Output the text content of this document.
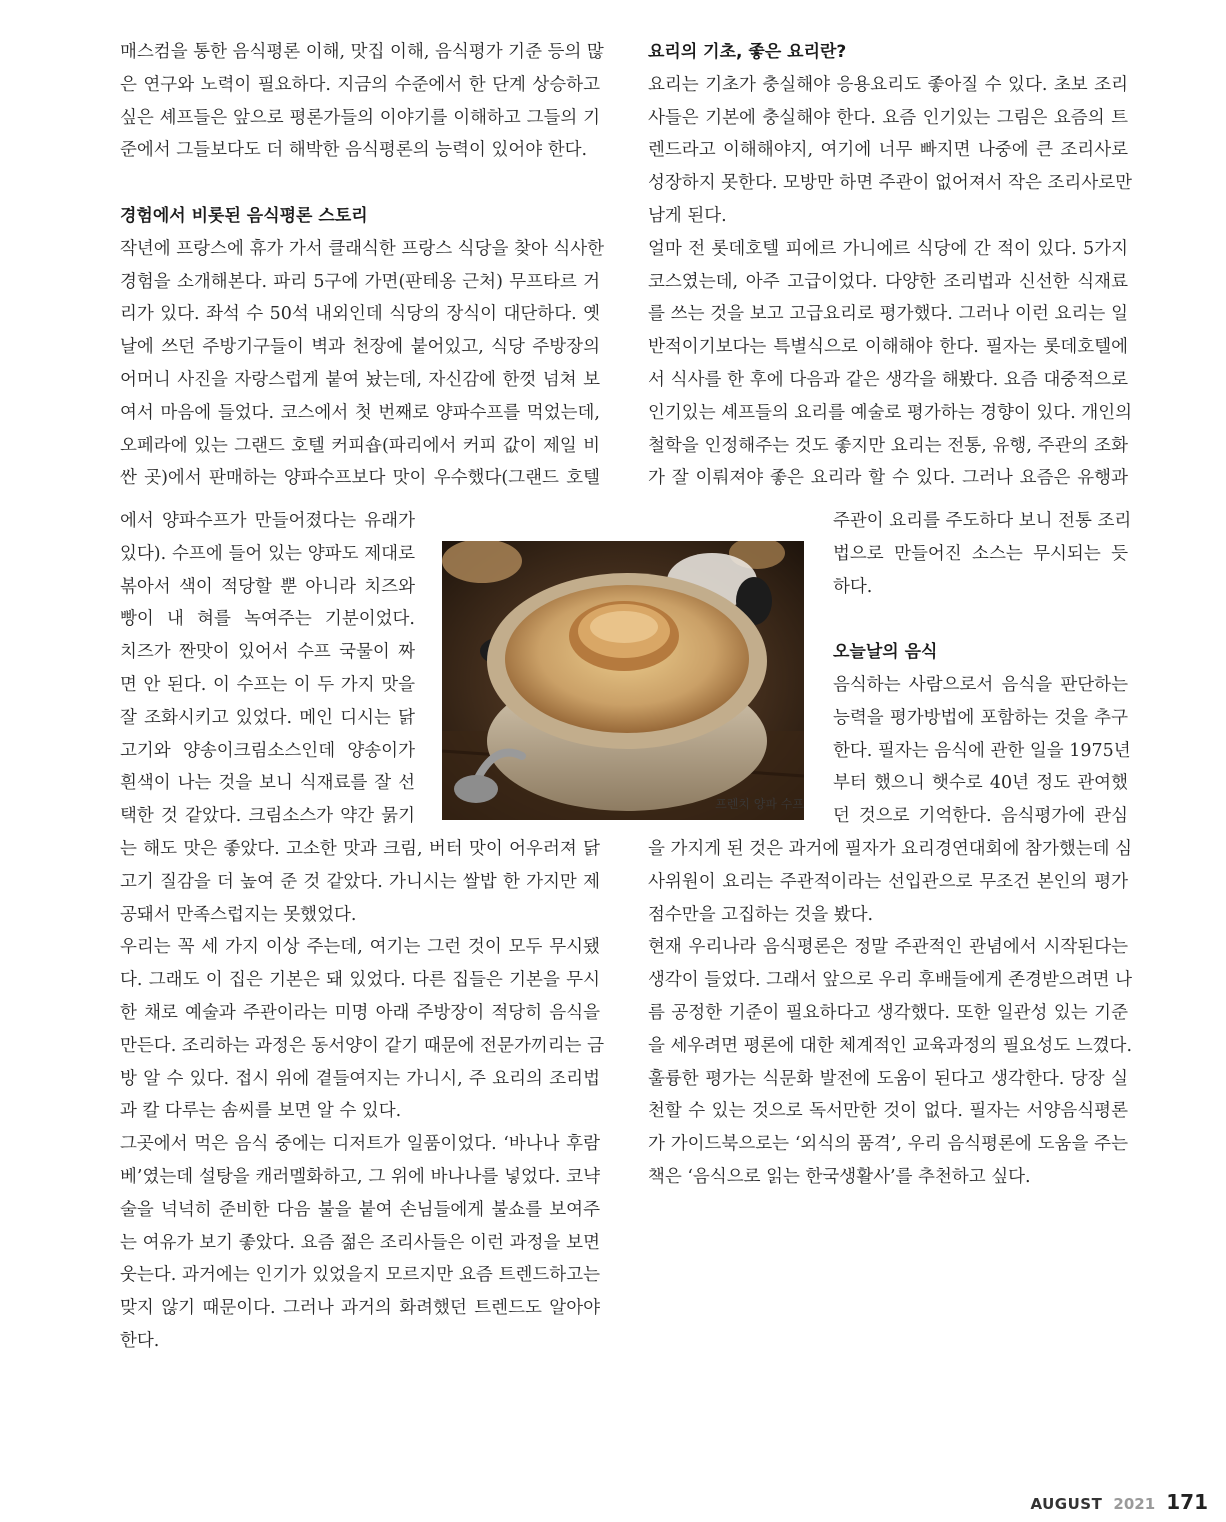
매스컴을 통한 음식평론 이해, 맛집 이해, 음식평가 기준 등의 많
은 연구와 노력이 필요하다. 지금의 수준에서 한 단계 상승하고
싶은 셰프들은 앞으로 평론가들의 이야기를 이해하고 그들의 기
준에서 그들보다도 더 해박한 음식평론의 능력이 있어야 한다.
경험에서 비롯된 음식평론 스토리
작년에 프랑스에 휴가 가서 클래식한 프랑스 식당을 찾아 식사한
경험을 소개해본다. 파리 5구에 가면(판테옹 근처) 무프타르 거
리가 있다. 좌석 수 50석 내외인데 식당의 장식이 대단하다. 옛
날에 쓰던 주방기구들이 벽과 천장에 붙어있고, 식당 주방장의
어머니 사진을 자랑스럽게 붙여 놨는데, 자신감에 한껏 넘쳐 보
여서 마음에 들었다. 코스에서 첫 번째로 양파수프를 먹었는데,
오페라에 있는 그랜드 호텔 커피숍(파리에서 커피 값이 제일 비
싼 곳)에서 판매하는 양파수프보다 맛이 우수했다(그랜드 호텔
에서 양파수프가 만들어졌다는 유래가
있다). 수프에 들어 있는 양파도 제대로
볶아서 색이 적당할 뿐 아니라 치즈와
빵이 내 혀를 녹여주는 기분이었다.
치즈가 짠맛이 있어서 수프 국물이 짜
면 안 된다. 이 수프는 이 두 가지 맛을
잘 조화시키고 있었다. 메인 디시는 닭
고기와 양송이크림소스인데 양송이가
흰색이 나는 것을 보니 식재료를 잘 선
택한 것 같았다. 크림소스가 약간 묽기
는 해도 맛은 좋았다. 고소한 맛과 크림, 버터 맛이 어우러져 닭
고기 질감을 더 높여 준 것 같았다. 가니시는 쌀밥 한 가지만 제
공돼서 만족스럽지는 못했었다.
우리는 꼭 세 가지 이상 주는데, 여기는 그런 것이 모두 무시됐
다. 그래도 이 집은 기본은 돼 있었다. 다른 집들은 기본을 무시
한 채로 예술과 주관이라는 미명 아래 주방장이 적당히 음식을
만든다. 조리하는 과정은 동서양이 같기 때문에 전문가끼리는 금
방 알 수 있다. 접시 위에 곁들여지는 가니시, 주 요리의 조리법
과 칼 다루는 솜씨를 보면 알 수 있다.
그곳에서 먹은 음식 중에는 디저트가 일품이었다. ‘바나나 후람
베’였는데 설탕을 캐러멜화하고, 그 위에 바나나를 넣었다. 코냑
술을 넉넉히 준비한 다음 불을 붙여 손님들에게 불쇼를 보여주
는 여유가 보기 좋았다. 요즘 젊은 조리사들은 이런 과정을 보면
웃는다. 과거에는 인기가 있었을지 모르지만 요즘 트렌드하고는
맞지 않기 때문이다. 그러나 과거의 화려했던 트렌드도 알아야
한다.
프렌치 양파 수프
요리의 기초, 좋은 요리란?
요리는 기초가 충실해야 응용요리도 좋아질 수 있다. 초보 조리
사들은 기본에 충실해야 한다. 요즘 인기있는 그림은 요즘의 트
렌드라고 이해해야지, 여기에 너무 빠지면 나중에 큰 조리사로
성장하지 못한다. 모방만 하면 주관이 없어져서 작은 조리사로만
남게 된다.
얼마 전 롯데호텔 피에르 가니에르 식당에 간 적이 있다. 5가지
코스였는데, 아주 고급이었다. 다양한 조리법과 신선한 식재료
를 쓰는 것을 보고 고급요리로 평가했다. 그러나 이런 요리는 일
반적이기보다는 특별식으로 이해해야 한다. 필자는 롯데호텔에
서 식사를 한 후에 다음과 같은 생각을 해봤다. 요즘 대중적으로
인기있는 셰프들의 요리를 예술로 평가하는 경향이 있다. 개인의
철학을 인정해주는 것도 좋지만 요리는 전통, 유행, 주관의 조화
가 잘 이뤄져야 좋은 요리라 할 수 있다. 그러나 요즘은 유행과
주관이 요리를 주도하다 보니 전통 조리
법으로 만들어진 소스는 무시되는 듯
하다.
오늘날의 음식
음식하는 사람으로서 음식을 판단하는
능력을 평가방법에 포함하는 것을 추구
한다. 필자는 음식에 관한 일을 1975년
부터 했으니 햇수로 40년 정도 관여했
던 것으로 기억한다. 음식평가에 관심
을 가지게 된 것은 과거에 필자가 요리경연대회에 참가했는데 심
사위원이 요리는 주관적이라는 선입관으로 무조건 본인의 평가
점수만을 고집하는 것을 봤다.
현재 우리나라 음식평론은 정말 주관적인 관념에서 시작된다는
생각이 들었다. 그래서 앞으로 우리 후배들에게 존경받으려면 나
름 공정한 기준이 필요하다고 생각했다. 또한 일관성 있는 기준
을 세우려면 평론에 대한 체계적인 교육과정의 필요성도 느꼈다.
훌륭한 평가는 식문화 발전에 도움이 된다고 생각한다. 당장 실
천할 수 있는 것으로 독서만한 것이 없다. 필자는 서양음식평론
가 가이드북으로는 ‘외식의 품격’, 우리 음식평론에 도움을 주는
책은 ‘음식으로 읽는 한국생활사’를 추천하고 싶다.
AUGUST 2021 171
